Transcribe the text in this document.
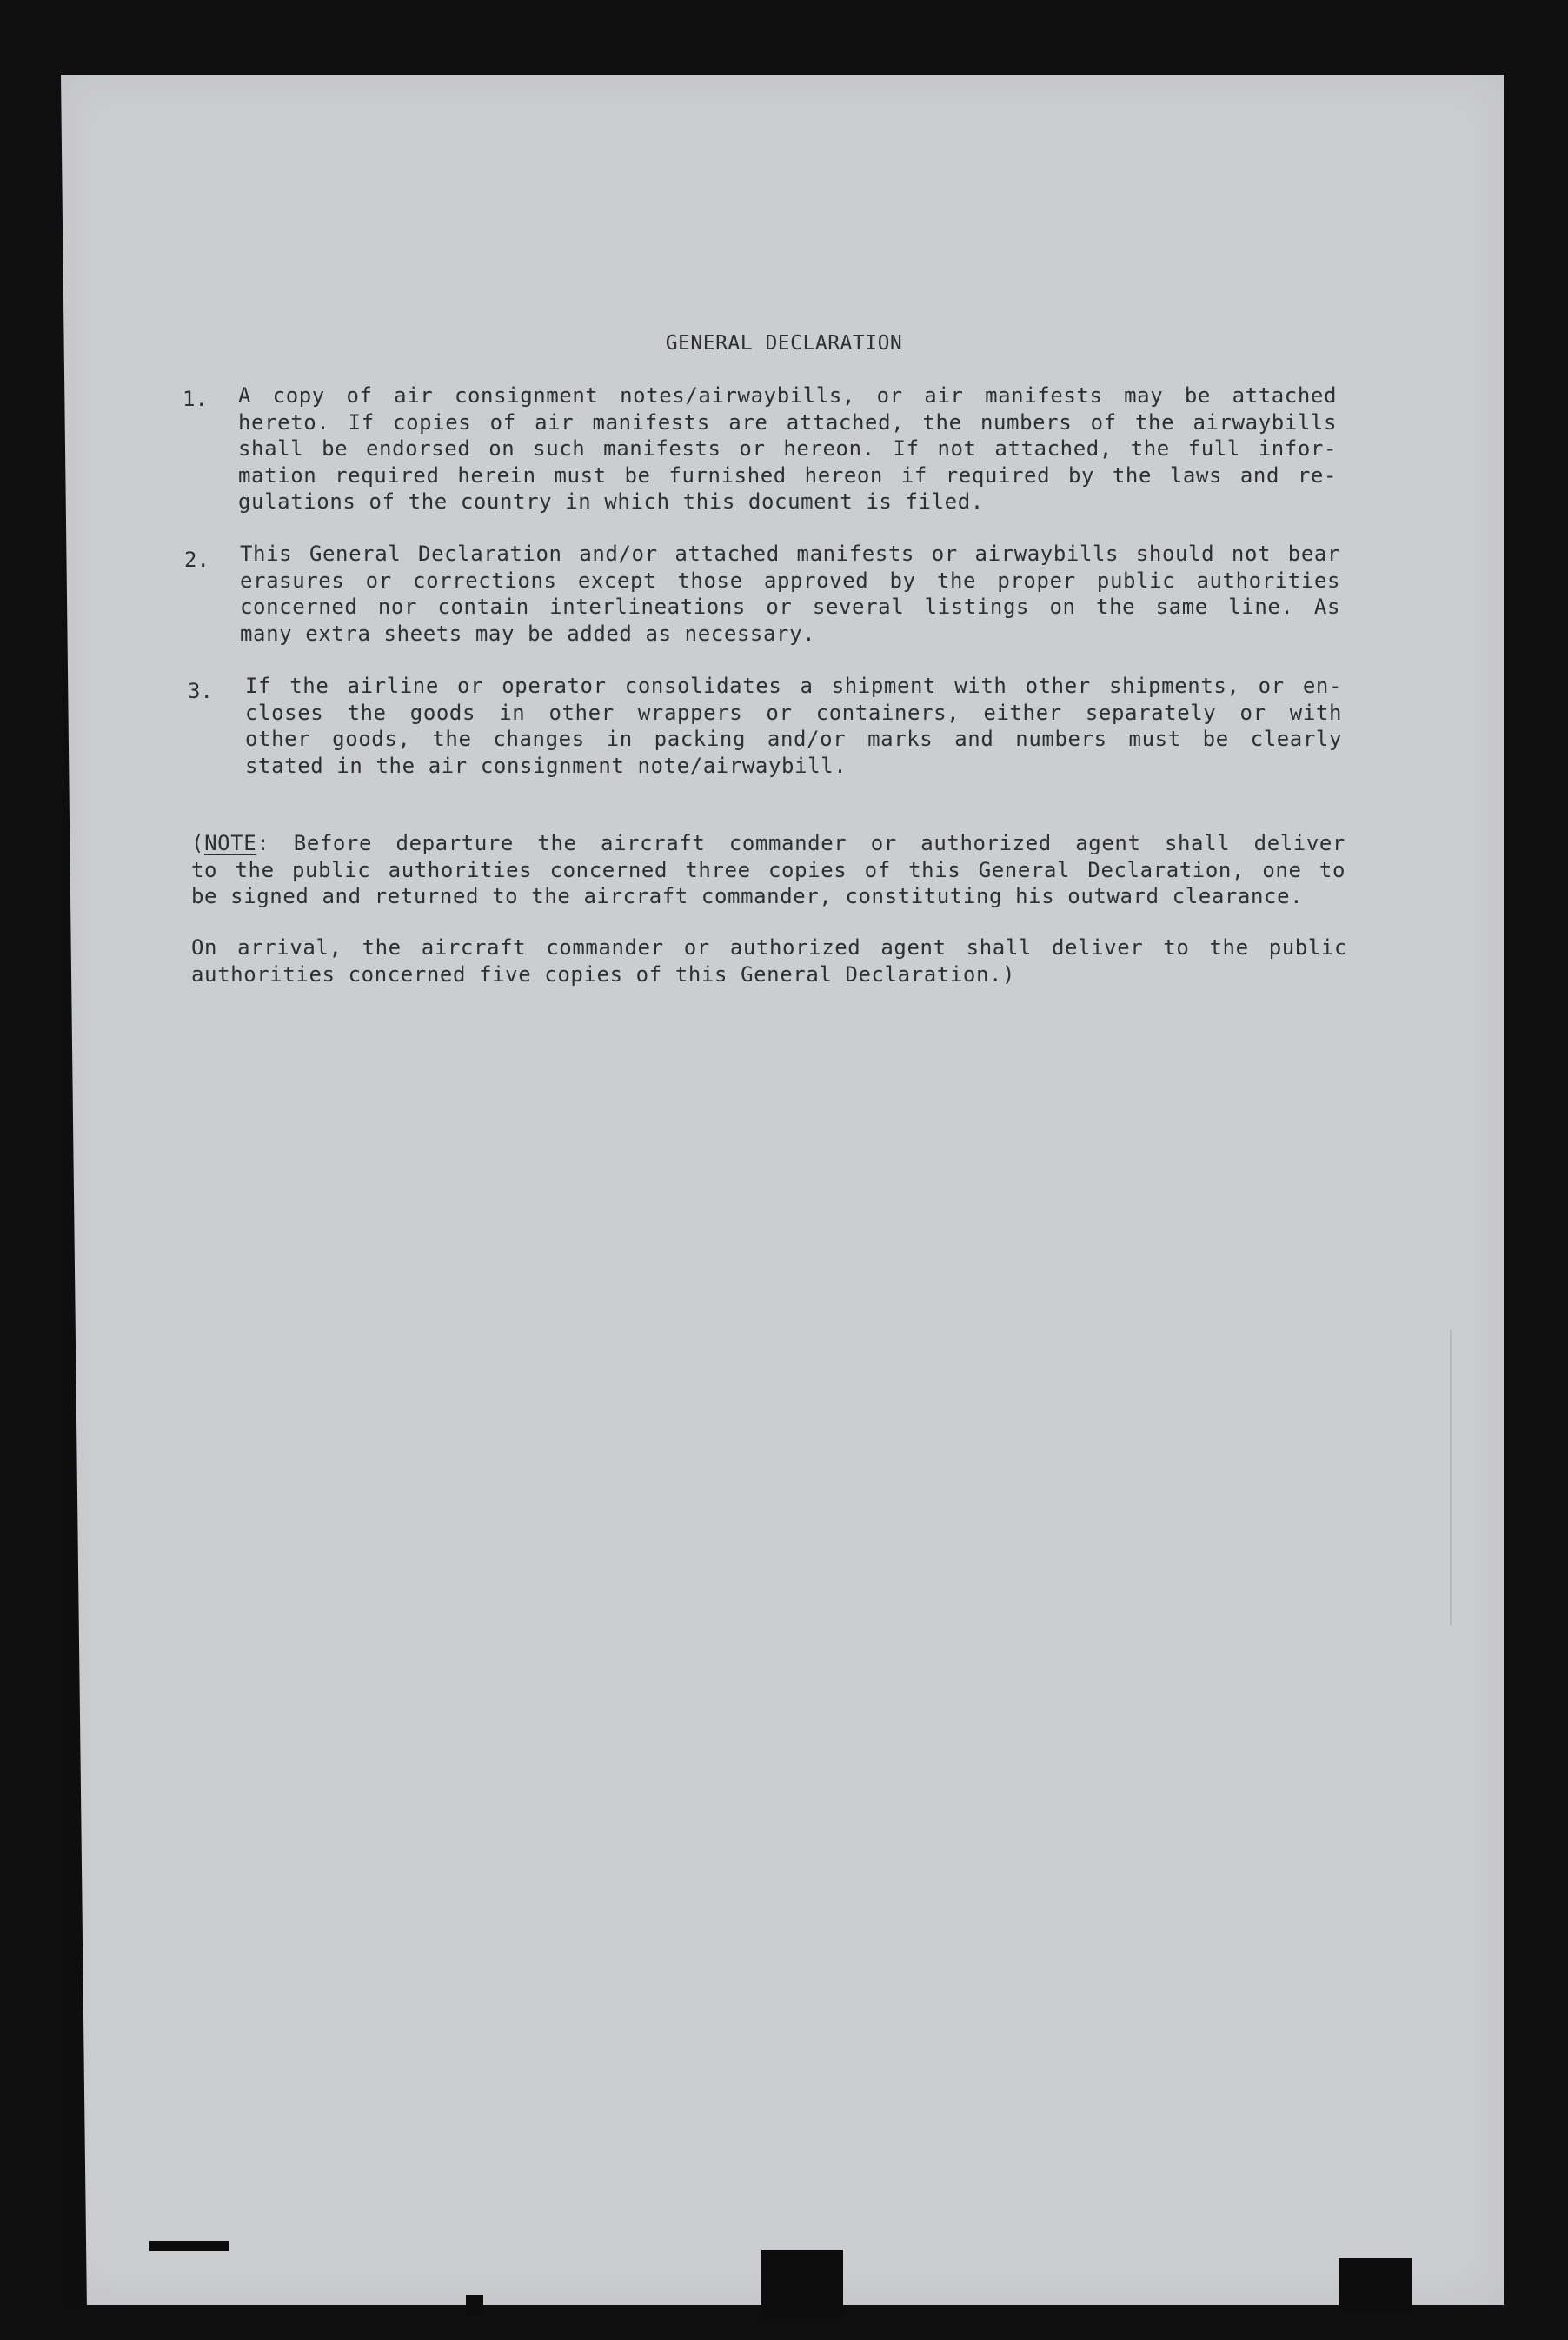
GENERAL DECLARATION
1. A copy of air consignment notes/airwaybills, or air manifests may be attached
hereto. If copies of air manifests are attached, the numbers of the airwaybills
shall be endorsed on such manifests or hereon. If not attached, the full infor-
mation required herein must be furnished hereon if required by the laws and re-
gulations of the country in which this document is filed.
2. This General Declaration and/or attached manifests or airwaybills should not bear
erasures or corrections except those approved by the proper public authorities
concerned nor contain interlineations or several listings on the same line. As
many extra sheets may be added as necessary.
3. If the airline or operator consolidates a shipment with other shipments, or en-
closes the goods in other wrappers or containers, either separately or with
other goods, the changes in packing and/or marks and numbers must be clearly
stated in the air consignment note/airwaybill.
(NOTE: Before departure the aircraft commander or authorized agent shall deliver
to the public authorities concerned three copies of this General Declaration, one to
be signed and returned to the aircraft commander, constituting his outward clearance.
On arrival, the aircraft commander or authorized agent shall deliver to the public
authorities concerned five copies of this General Declaration.)
